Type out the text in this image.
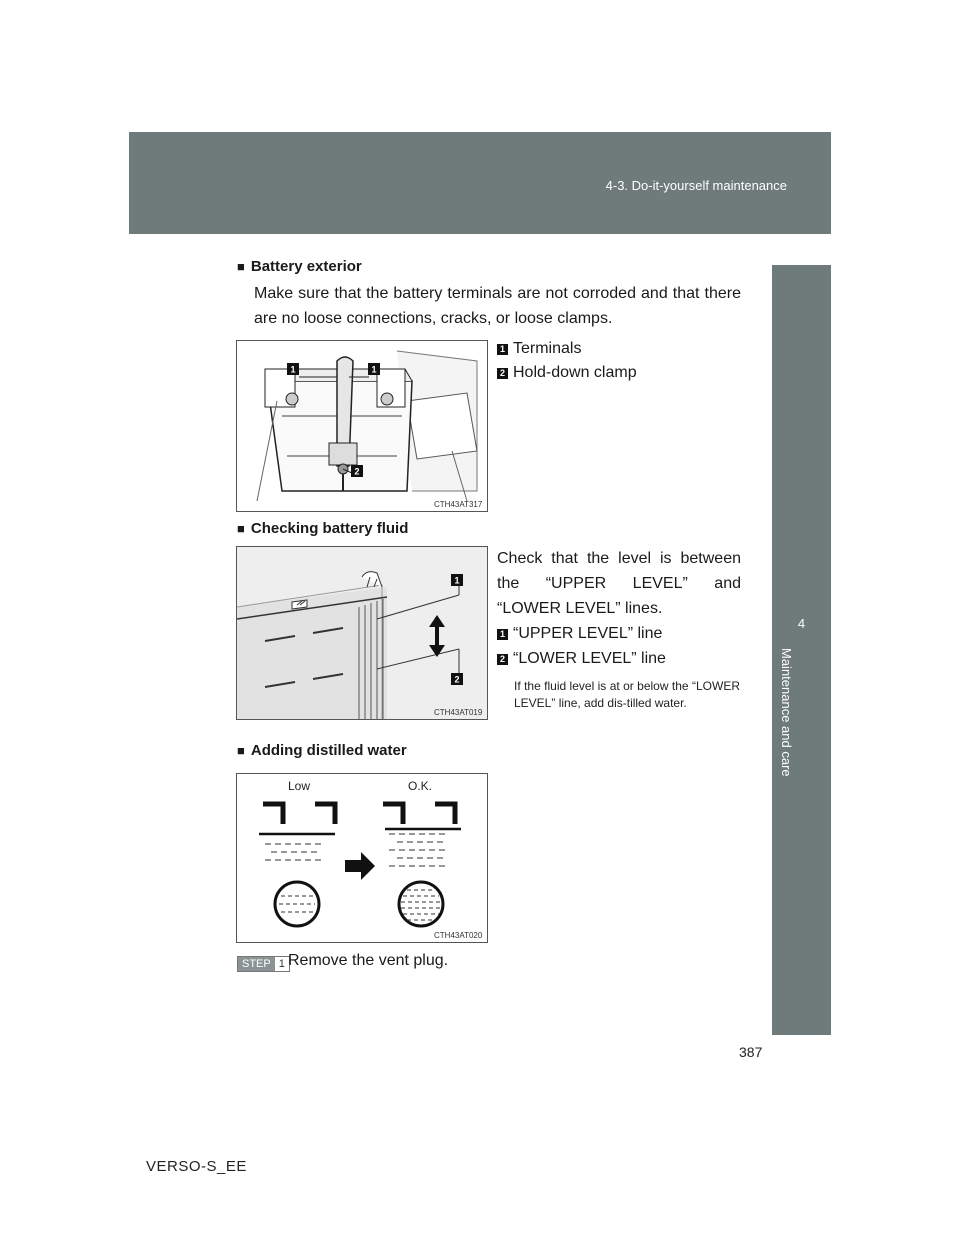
4-3. Do-it-yourself maintenance
4
Maintenance and care
■ Battery exterior
Make sure that the battery terminals are not corroded and that there are no loose connections, cracks, or loose clamps.
1	1
2
CTH43AT317
1 Terminals
2 Hold-down clamp
■ Checking battery fluid
Check that the level is between the “UPPER LEVEL” and “LOWER LEVEL” lines.
1
2
CTH43AT019
1 “UPPER LEVEL” line
2 “LOWER LEVEL” line
If the fluid level is at or below the “LOWER LEVEL” line, add dis-tilled water.
■ Adding distilled water
Low	O.K.
CTH43AT020
STEP 1 Remove the vent plug.
387
VERSO-S_EE
